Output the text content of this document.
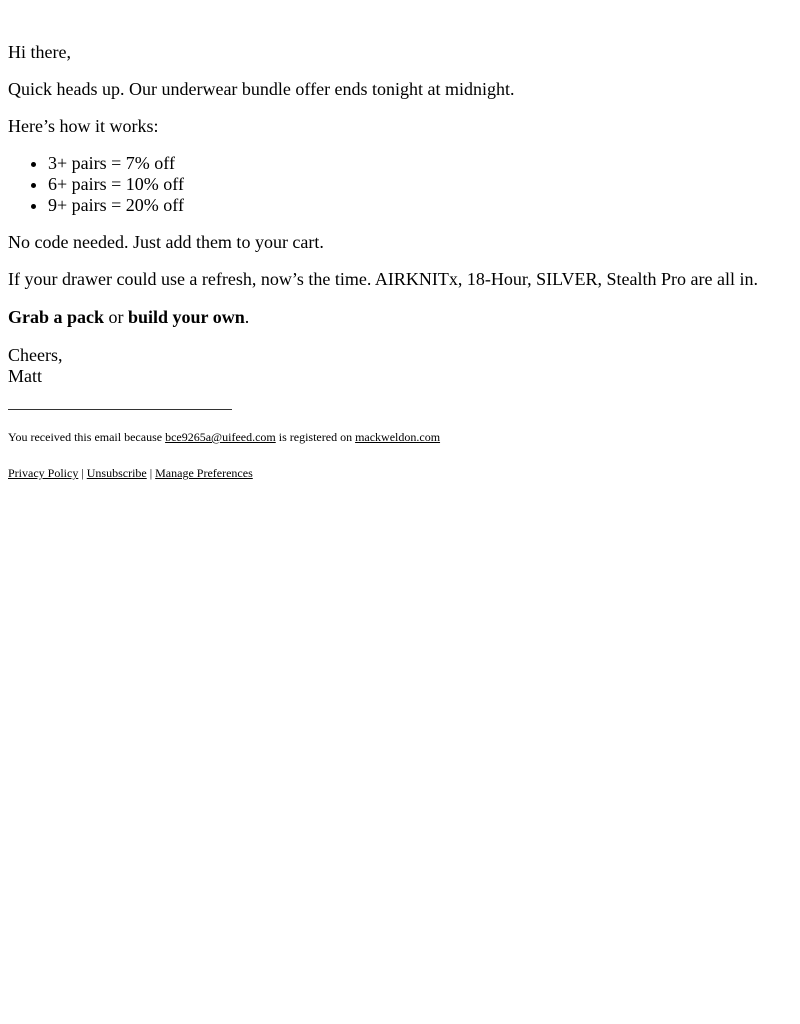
Hi there,

Quick heads up. Our underwear bundle offer ends tonight at midnight.

Here’s how it works:

• 3+ pairs = 7% off
• 6+ pairs = 10% off
• 9+ pairs = 20% off

No code needed. Just add them to your cart.

If your drawer could use a refresh, now’s the time. AIRKNITx, 18-Hour, SILVER, Stealth Pro are all in.

Grab a pack or build your own.

Cheers,
Matt

You received this email because bce9265a@uifeed.com is registered on mackweldon.com

Privacy Policy | Unsubscribe | Manage Preferences
